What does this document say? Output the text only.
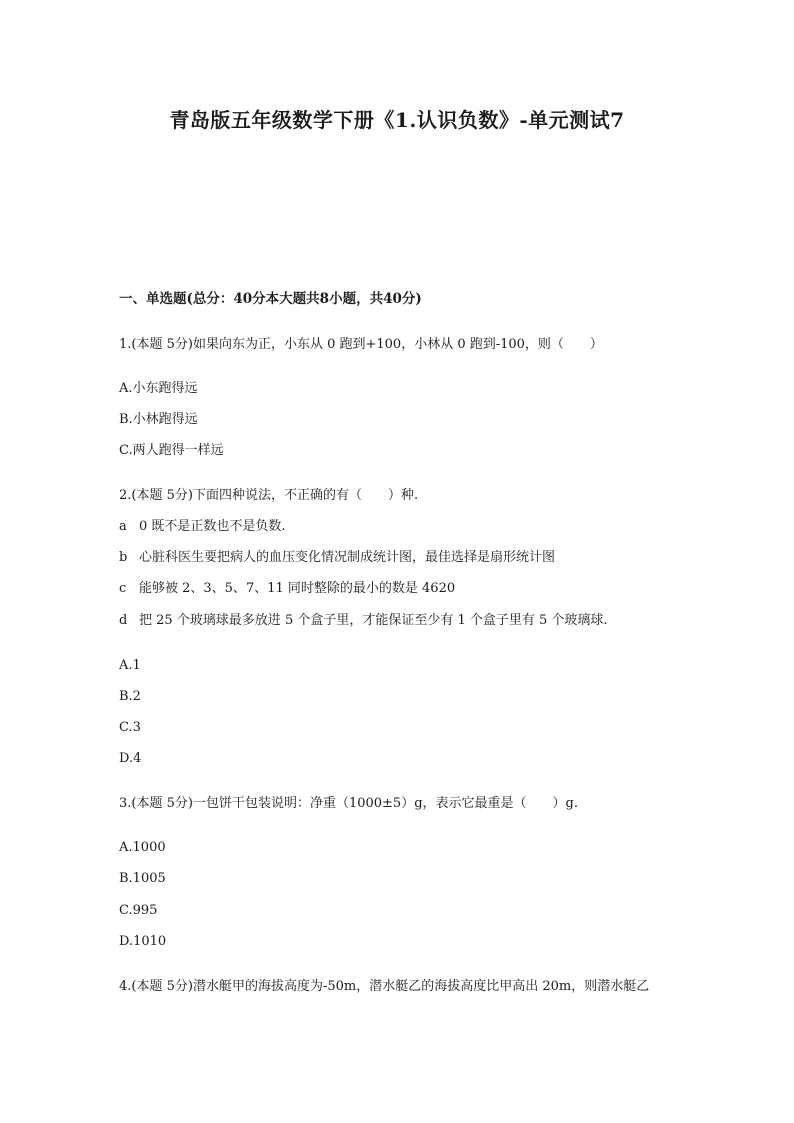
青岛版五年级数学下册《1.认识负数》-单元测试7

一、单选题(总分：40分本大题共8小题，共40分)

1.(本题 5分)如果向东为正，小东从 0 跑到+100，小林从 0 跑到-100，则（　　）

A.小东跑得远

B.小林跑得远

C.两人跑得一样远

2.(本题 5分)下面四种说法，不正确的有（　　）种.

a 0 既不是正数也不是负数.
b 心脏科医生要把病人的血压变化情况制成统计图，最佳选择是扇形统计图
c 能够被 2、3、5、7、11 同时整除的最小的数是 4620
d 把 25 个玻璃球最多放进 5 个盒子里，才能保证至少有 1 个盒子里有 5 个玻璃球.

A.1

B.2

C.3

D.4

3.(本题 5分)一包饼干包装说明：净重（1000±5）g，表示它最重是（　　）g.

A.1000

B.1005

C.995

D.1010

4.(本题 5分)潜水艇甲的海拔高度为-50m，潜水艇乙的海拔高度比甲高出 20m，则潜水艇乙
